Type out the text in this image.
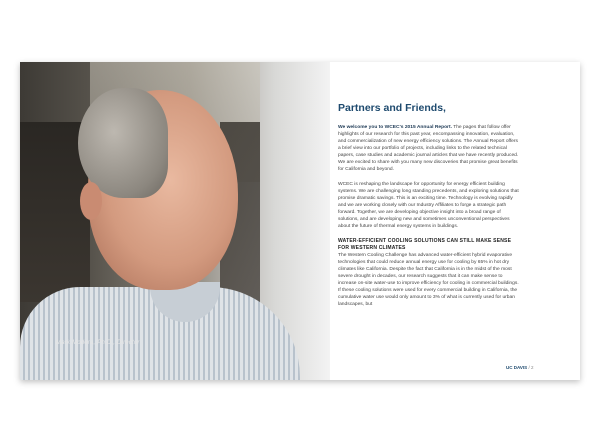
Mark Modera, Ph.D., Director
Partners and Friends,

We welcome you to WCEC's 2015 Annual Report. The pages that follow offer highlights of our research for this past year, encompassing innovation, evaluation, and commercialization of new energy efficiency solutions. The Annual Report offers a brief view into our portfolio of projects, including links to the related technical papers, case studies and academic journal articles that we have recently produced. We are excited to share with you many new discoveries that promise great benefits for California and beyond.

WCEC is reshaping the landscape for opportunity for energy efficient building systems. We are challenging long standing precedents, and exploring solutions that promise dramatic savings. This is an exciting time. Technology is evolving rapidly and we are working closely with our Industry Affiliates to forge a strategic path forward. Together, we are developing objective insight into a broad range of solutions, and are developing new and sometimes unconventional perspectives about the future of thermal energy systems in buildings.

WATER-EFFICIENT COOLING SOLUTIONS CAN STILL MAKE SENSE FOR WESTERN CLIMATES

The Western Cooling Challenge has advanced water-efficient hybrid evaporative technologies that could reduce annual energy use for cooling by 65% in hot dry climates like California. Despite the fact that California is in the midst of the most severe drought in decades, our research suggests that it can make sense to increase on-site water-use to improve efficiency for cooling in commercial buildings. If these cooling solutions were used for every commercial building in California, the cumulative water use would only amount to 3% of what is currently used for urban landscapes, but

UC DAVIS / 2
